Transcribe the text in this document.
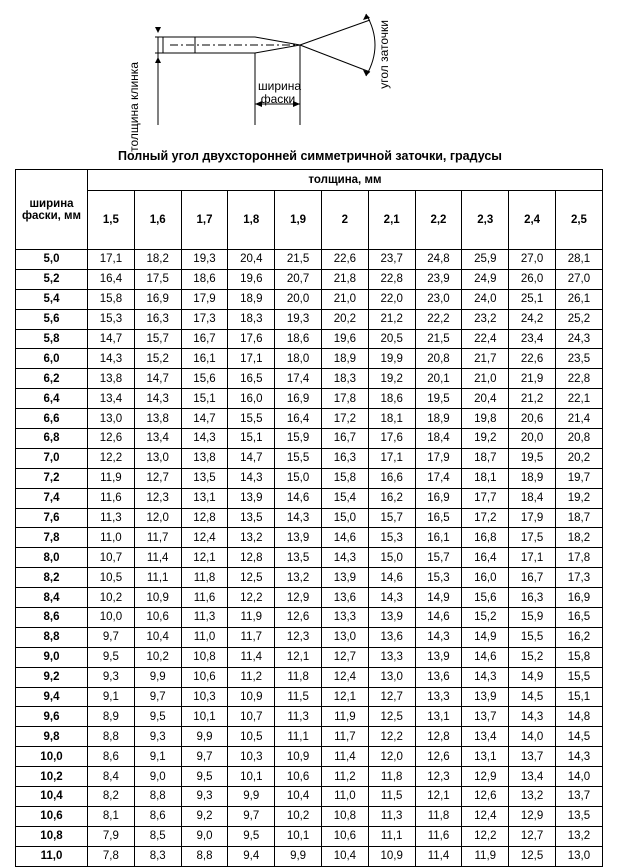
толщина клинка	ширина фаски
угол заточки
Полный угол двухсторонней симметричной заточки, градусы
ширина фаски, мм	толщина, мм										
	1,5	1,6	1,7	1,8	1,9	2	2,1	2,2	2,3	2,4	2,5
5,0	17,1	18,2	19,3	20,4	21,5	22,6	23,7	24,8	25,9	27,0	28,1
5,2	16,4	17,5	18,6	19,6	20,7	21,8	22,8	23,9	24,9	26,0	27,0
5,4	15,8	16,9	17,9	18,9	20,0	21,0	22,0	23,0	24,0	25,1	26,1
5,6	15,3	16,3	17,3	18,3	19,3	20,2	21,2	22,2	23,2	24,2	25,2
5,8	14,7	15,7	16,7	17,6	18,6	19,6	20,5	21,5	22,4	23,4	24,3
6,0	14,3	15,2	16,1	17,1	18,0	18,9	19,9	20,8	21,7	22,6	23,5
6,2	13,8	14,7	15,6	16,5	17,4	18,3	19,2	20,1	21,0	21,9	22,8
6,4	13,4	14,3	15,1	16,0	16,9	17,8	18,6	19,5	20,4	21,2	22,1
6,6	13,0	13,8	14,7	15,5	16,4	17,2	18,1	18,9	19,8	20,6	21,4
6,8	12,6	13,4	14,3	15,1	15,9	16,7	17,6	18,4	19,2	20,0	20,8
7,0	12,2	13,0	13,8	14,7	15,5	16,3	17,1	17,9	18,7	19,5	20,2
7,2	11,9	12,7	13,5	14,3	15,0	15,8	16,6	17,4	18,1	18,9	19,7
7,4	11,6	12,3	13,1	13,9	14,6	15,4	16,2	16,9	17,7	18,4	19,2
7,6	11,3	12,0	12,8	13,5	14,3	15,0	15,7	16,5	17,2	17,9	18,7
7,8	11,0	11,7	12,4	13,2	13,9	14,6	15,3	16,1	16,8	17,5	18,2
8,0	10,7	11,4	12,1	12,8	13,5	14,3	15,0	15,7	16,4	17,1	17,8
8,2	10,5	11,1	11,8	12,5	13,2	13,9	14,6	15,3	16,0	16,7	17,3
8,4	10,2	10,9	11,6	12,2	12,9	13,6	14,3	14,9	15,6	16,3	16,9
8,6	10,0	10,6	11,3	11,9	12,6	13,3	13,9	14,6	15,2	15,9	16,5
8,8	9,7	10,4	11,0	11,7	12,3	13,0	13,6	14,3	14,9	15,5	16,2
9,0	9,5	10,2	10,8	11,4	12,1	12,7	13,3	13,9	14,6	15,2	15,8
9,2	9,3	9,9	10,6	11,2	11,8	12,4	13,0	13,6	14,3	14,9	15,5
9,4	9,1	9,7	10,3	10,9	11,5	12,1	12,7	13,3	13,9	14,5	15,1
9,6	8,9	9,5	10,1	10,7	11,3	11,9	12,5	13,1	13,7	14,3	14,8
9,8	8,8	9,3	9,9	10,5	11,1	11,7	12,2	12,8	13,4	14,0	14,5
10,0	8,6	9,1	9,7	10,3	10,9	11,4	12,0	12,6	13,1	13,7	14,3
10,2	8,4	9,0	9,5	10,1	10,6	11,2	11,8	12,3	12,9	13,4	14,0
10,4	8,2	8,8	9,3	9,9	10,4	11,0	11,5	12,1	12,6	13,2	13,7
10,6	8,1	8,6	9,2	9,7	10,2	10,8	11,3	11,8	12,4	12,9	13,5
10,8	7,9	8,5	9,0	9,5	10,1	10,6	11,1	11,6	12,2	12,7	13,2
11,0	7,8	8,3	8,8	9,4	9,9	10,4	10,9	11,4	11,9	12,5	13,0
